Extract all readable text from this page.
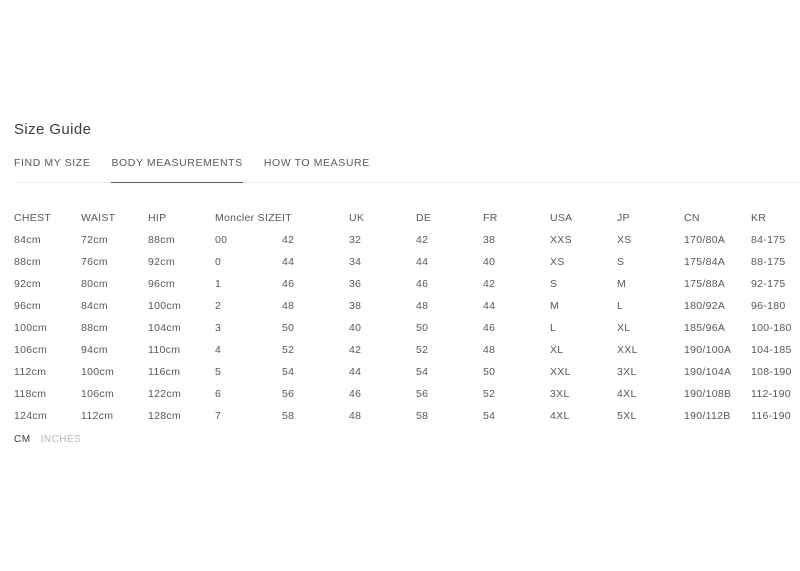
Size Guide
FIND MY SIZE BODY MEASUREMENTS HOW TO MEASURE
CHEST	WAIST	HIP	Moncler SIZE	IT	UK	DE	FR	USA	JP	CN	KR
84cm	72cm	88cm	00	42	32	42	38	XXS	XS	170/80A	84-175
88cm	76cm	92cm	0	44	34	44	40	XS	S	175/84A	88-175
92cm	80cm	96cm	1	46	36	46	42	S	M	175/88A	92-175
96cm	84cm	100cm	2	48	38	48	44	M	L	180/92A	96-180
100cm	88cm	104cm	3	50	40	50	46	L	XL	185/96A	100-180
106cm	94cm	110cm	4	52	42	52	48	XL	XXL	190/100A	104-185
112cm	100cm	116cm	5	54	44	54	50	XXL	3XL	190/104A	108-190
118cm	106cm	122cm	6	56	46	56	52	3XL	4XL	190/108B	112-190
124cm	112cm	128cm	7	58	48	58	54	4XL	5XL	190/112B	116-190
CM INCHES
